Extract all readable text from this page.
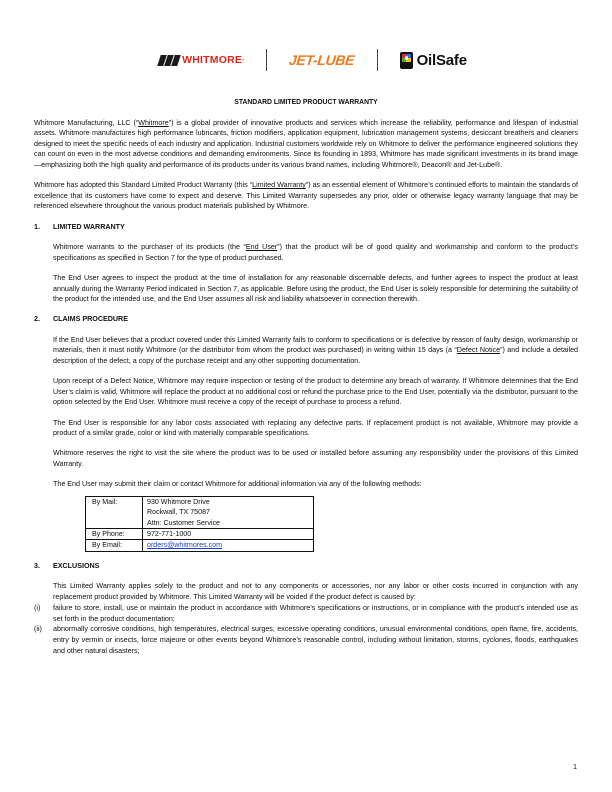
WHITMORE ®	JET-LUBE	OilSafe
STANDARD LIMITED PRODUCT WARRANTY

Whitmore Manufacturing, LLC (“Whitmore”) is a global provider of innovative products and services which increase the reliability, performance and lifespan of industrial assets. Whitmore manufactures high performance lubricants, friction modifiers, application equipment, lubrication management systems, desiccant breathers and cleaners designed to meet the specific needs of each industry and application. Industrial customers worldwide rely on Whitmore to deliver the performance engineered solutions they can count on even in the most adverse conditions and demanding environments. Since its founding in 1893, Whitmore has made significant investments in its brand image—emphasizing both the high quality and performance of its products under its various brand names, including Whitmore®, Deacon® and Jet-Lube®.

Whitmore has adopted this Standard Limited Product Warranty (this “Limited Warranty”) as an essential element of Whitmore’s continued efforts to maintain the standards of excellence that its customers have come to expect and deserve. This Limited Warranty supersedes any prior, older or otherwise legacy warranty language that may be referenced elsewhere throughout the various product materials published by Whitmore.

1.	LIMITED WARRANTY

Whitmore warrants to the purchaser of its products (the “End User”) that the product will be of good quality and workmanship and conform to the product’s specifications as specified in Section 7 for the type of product purchased.

The End User agrees to inspect the product at the time of installation for any reasonable discernable defects, and further agrees to inspect the product at least annually during the Warranty Period indicated in Section 7, as applicable. Before using the product, the End User is solely responsible for determining the suitability of the product for the intended use, and the End User assumes all risk and liability whatsoever in connection therewith.

2.	CLAIMS PROCEDURE

If the End User believes that a product covered under this Limited Warranty fails to conform to specifications or is defective by reason of faulty design, workmanship or materials, then it must notify Whitmore (or the distributor from whom the product was purchased) in writing within 15 days (a “Defect Notice”) and include a detailed description of the defect, a copy of the purchase receipt and any other supporting documentation.

Upon receipt of a Defect Notice, Whitmore may require inspection or testing of the product to determine any breach of warranty. If Whitmore determines that the End User’s claim is valid, Whitmore will replace the product at no additional cost or refund the purchase price to the End User, potentially via the distributor, pursuant to the option selected by the End User. Whitmore must receive a copy of the receipt of purchase to process a refund.

The End User is responsible for any labor costs associated with replacing any defective parts. If replacement product is not available, Whitmore may provide a product of a similar grade, color or kind with materially comparable specifications.

Whitmore reserves the right to visit the site where the product was to be used or installed before assuming any responsibility under the provisions of this Limited Warranty.

The End User may submit their claim or contact Whitmore for additional information via any of the following methods:

By Mail:	930 Whitmore Drive
Rockwall, TX 75087
Attn: Customer Service

By Phone:	972-771-1000
By Email:	orders@whitmores.com
3.	EXCLUSIONS

This Limited Warranty applies solely to the product and not to any components or accessories, nor any labor or other costs incurred in conjunction with any replacement product provided by Whitmore. This Limited Warranty will be voided if the product defect is caused by:

(i)	failure to store, install, use or maintain the product in accordance with Whitmore’s specifications or instructions, or in compliance with the product’s intended use as set forth in the product documentation;
(ii)	abnormally corrosive conditions, high temperatures, electrical surges, excessive operating conditions, unusual environmental conditions, open flame, fire, accidents, entry by vermin or insects, force majeure or other events beyond Whitmore’s reasonable control, including without limitation, storms, cyclones, floods, earthquakes and other natural disasters;
1
